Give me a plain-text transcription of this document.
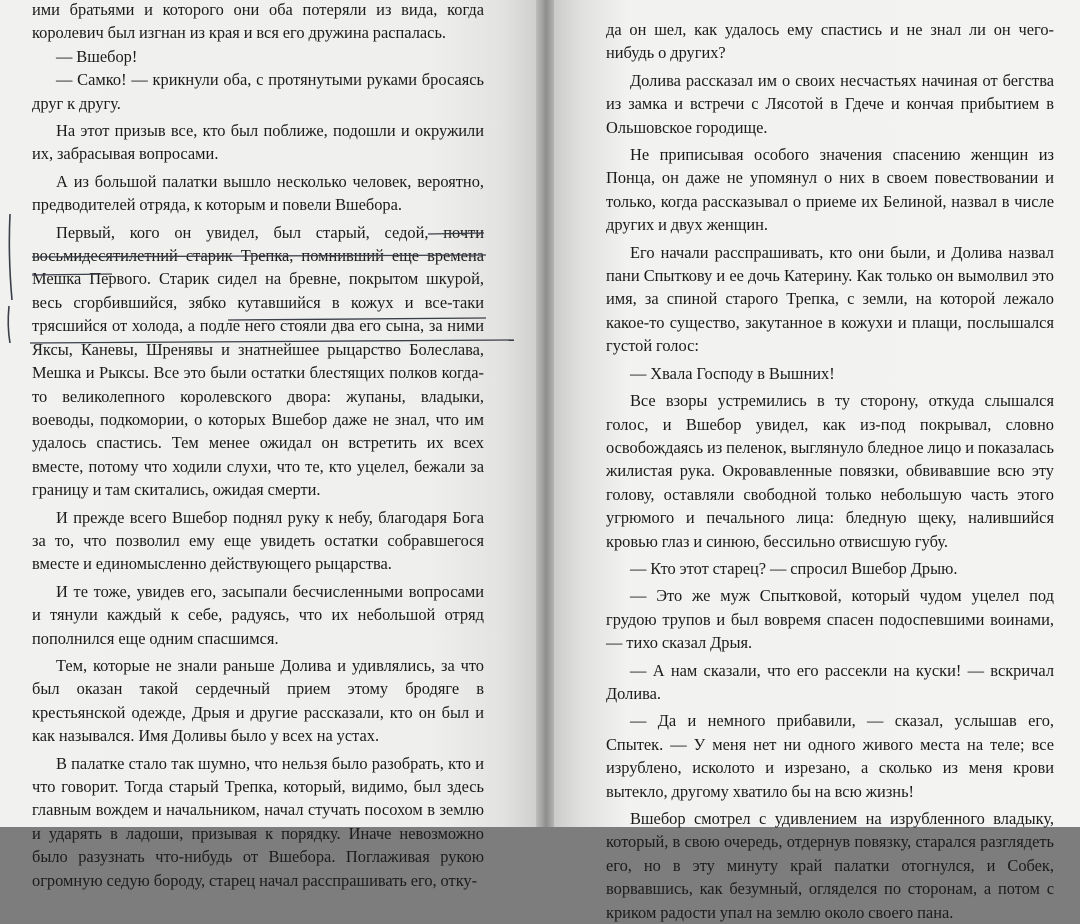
ими братьями и которого они оба потеряли из вида, когда королевич был изгнан из края и вся его дружина распалась.

— Вшебор!

— Самко! — крикнули оба, с протянутыми руками бросаясь друг к другу.

На этот призыв все, кто был поближе, подошли и окружили их, забрасывая вопросами.

А из большой палатки вышло несколько человек, вероятно, предводителей отряда, к которым и повели Вшебора.

Первый, кого он увидел, был старый, седой, почти восьмидесятилетний старик Трепка, помнивший еще времена Мешка Первого. Старик сидел на бревне, покрытом шкурой, весь сгорбившийся, зябко кутавшийся в кожух и все-таки трясшийся от холода, а подле него стояли два его сына, за ними Яксы, Каневы, Шренявы и знатнейшее рыцарство Болеслава, Мешка и Рыксы. Все это были остатки блестящих полков когда-то великолепного королевского двора: жупаны, владыки, воеводы, подкомории, о которых Вшебор даже не знал, что им удалось спастись. Тем менее ожидал он встретить их всех вместе, потому что ходили слухи, что те, кто уцелел, бежали за границу и там скитались, ожидая смерти.

И прежде всего Вшебор поднял руку к небу, благодаря Бога за то, что позволил ему еще увидеть остатки собравшегося вместе и единомысленно действующего рыцарства.

И те тоже, увидев его, засыпали бесчисленными вопросами и тянули каждый к себе, радуясь, что их небольшой отряд пополнился еще одним спасшимся.

Тем, которые не знали раньше Долива и удивлялись, за что был оказан такой сердечный прием этому бродяге в крестьянской одежде, Дрыя и другие рассказали, кто он был и как назывался. Имя Доливы было у всех на устах.

В палатке стало так шумно, что нельзя было разобрать, кто и что говорит. Тогда старый Трепка, который, видимо, был здесь главным вождем и начальником, начал стучать посохом в землю и ударять в ладоши, призывая к порядку. Иначе невозможно было разузнать что-нибудь от Вшебора. Поглаживая рукою огромную седую бороду, старец начал расспрашивать его, отку-

да он шел, как удалось ему спастись и не знал ли он чего-нибудь о других?

Долива рассказал им о своих несчастьях начиная от бегства из замка и встречи с Лясотой в Гдече и кончая прибытием в Ольшовское городище.

Не приписывая особого значения спасению женщин из Понца, он даже не упомянул о них в своем повествовании и только, когда рассказывал о приеме их Белиной, назвал в числе других и двух женщин.

Его начали расспрашивать, кто они были, и Долива назвал пани Спыткову и ее дочь Катерину. Как только он вымолвил это имя, за спиной старого Трепка, с земли, на которой лежало какое-то существо, закутанное в кожухи и плащи, послышался густой голос:

— Хвала Господу в Вышних!

Все взоры устремились в ту сторону, откуда слышался голос, и Вшебор увидел, как из-под покрывал, словно освобождаясь из пеленок, выглянуло бледное лицо и показалась жилистая рука. Окровавленные повязки, обвивавшие всю эту голову, оставляли свободной только небольшую часть этого угрюмого и печального лица: бледную щеку, налившийся кровью глаз и синюю, бессильно отвисшую губу.

— Кто этот старец? — спросил Вшебор Дрыю.

— Это же муж Спытковой, который чудом уцелел под грудою трупов и был вовремя спасен подоспевшими воинами, — тихо сказал Дрыя.

— А нам сказали, что его рассекли на куски! — вскричал Долива.

— Да и немного прибавили, — сказал, услышав его, Спытек. — У меня нет ни одного живого места на теле; все изрублено, исколото и изрезано, а сколько из меня крови вытекло, другому хватило бы на всю жизнь!

Вшебор смотрел с удивлением на изрубленного владыку, который, в свою очередь, отдернув повязку, старался разглядеть его, но в эту минуту край палатки отогнулся, и Собек, ворвавшись, как безумный, огляделся по сторонам, а потом с криком радости упал на землю около своего пана.
